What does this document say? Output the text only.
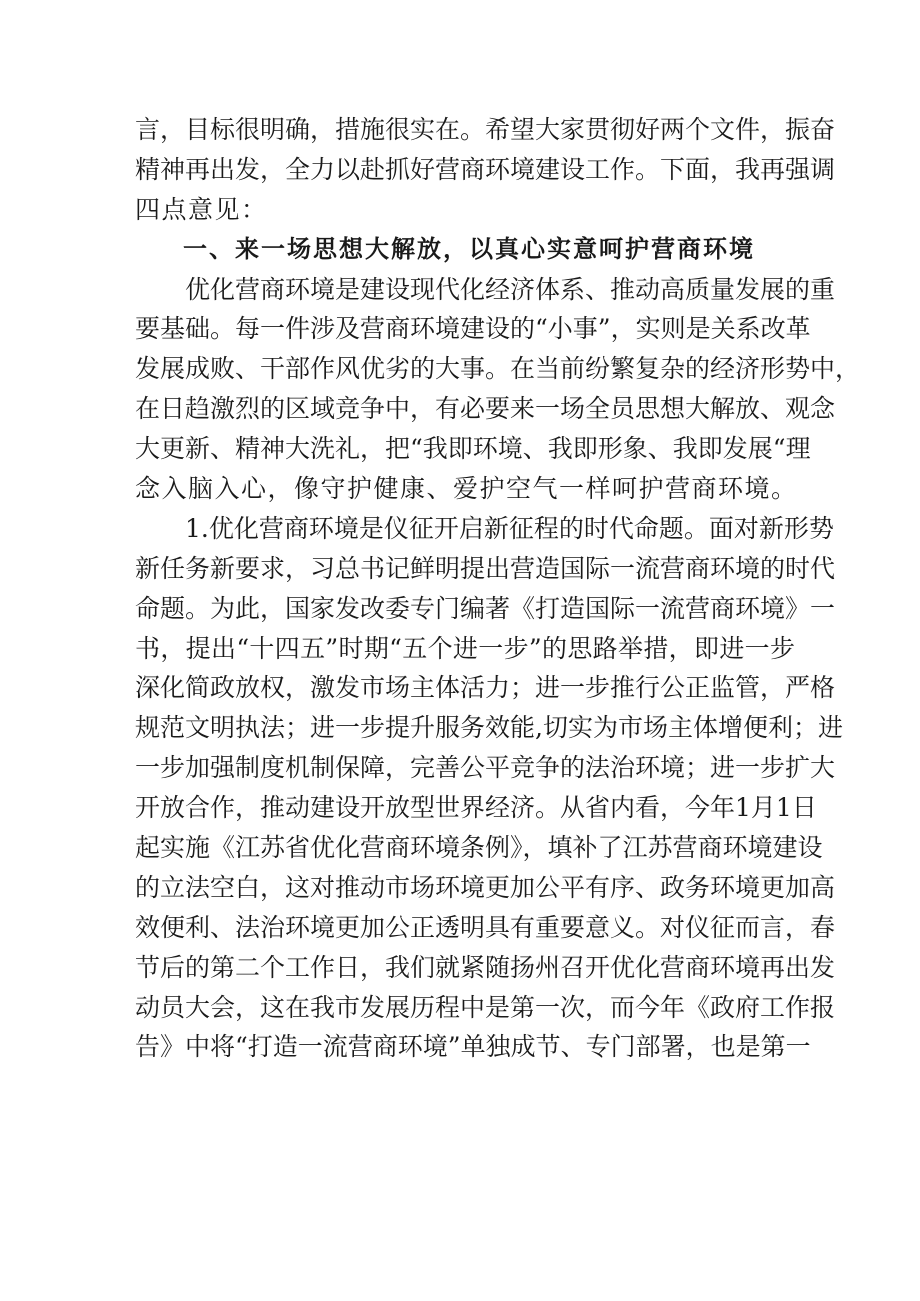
言，目标很明确，措施很实在。希望大家贯彻好两个文件，振奋
精神再出发，全力以赴抓好营商环境建设工作。下面，我再强调
四点意见：
一、来一场思想大解放，以真心实意呵护营商环境
优化营商环境是建设现代化经济体系、推动高质量发展的重
要基础。每一件涉及营商环境建设的“小事”，实则是关系改革
发展成败、干部作风优劣的大事。在当前纷繁复杂的经济形势中，
在日趋激烈的区域竞争中，有必要来一场全员思想大解放、观念
大更新、精神大洗礼，把“我即环境、我即形象、我即发展“理
念入脑入心，像守护健康、爱护空气一样呵护营商环境。
1.优化营商环境是仪征开启新征程的时代命题。面对新形势
新任务新要求，习总书记鲜明提出营造国际一流营商环境的时代
命题。为此，国家发改委专门编著《打造国际一流营商环境》一
书，提出“十四五”时期“五个进一步”的思路举措，即进一步
深化简政放权，激发市场主体活力；进一步推行公正监管，严格
规范文明执法；进一步提升服务效能,切实为市场主体增便利；进
一步加强制度机制保障，完善公平竞争的法治环境；进一步扩大
开放合作，推动建设开放型世界经济。从省内看，今年1月1日
起实施《江苏省优化营商环境条例》，填补了江苏营商环境建设
的立法空白，这对推动市场环境更加公平有序、政务环境更加高
效便利、法治环境更加公正透明具有重要意义。对仪征而言，春
节后的第二个工作日，我们就紧随扬州召开优化营商环境再出发
动员大会，这在我市发展历程中是第一次，而今年《政府工作报
告》中将“打造一流营商环境”单独成节、专门部署，也是第一
